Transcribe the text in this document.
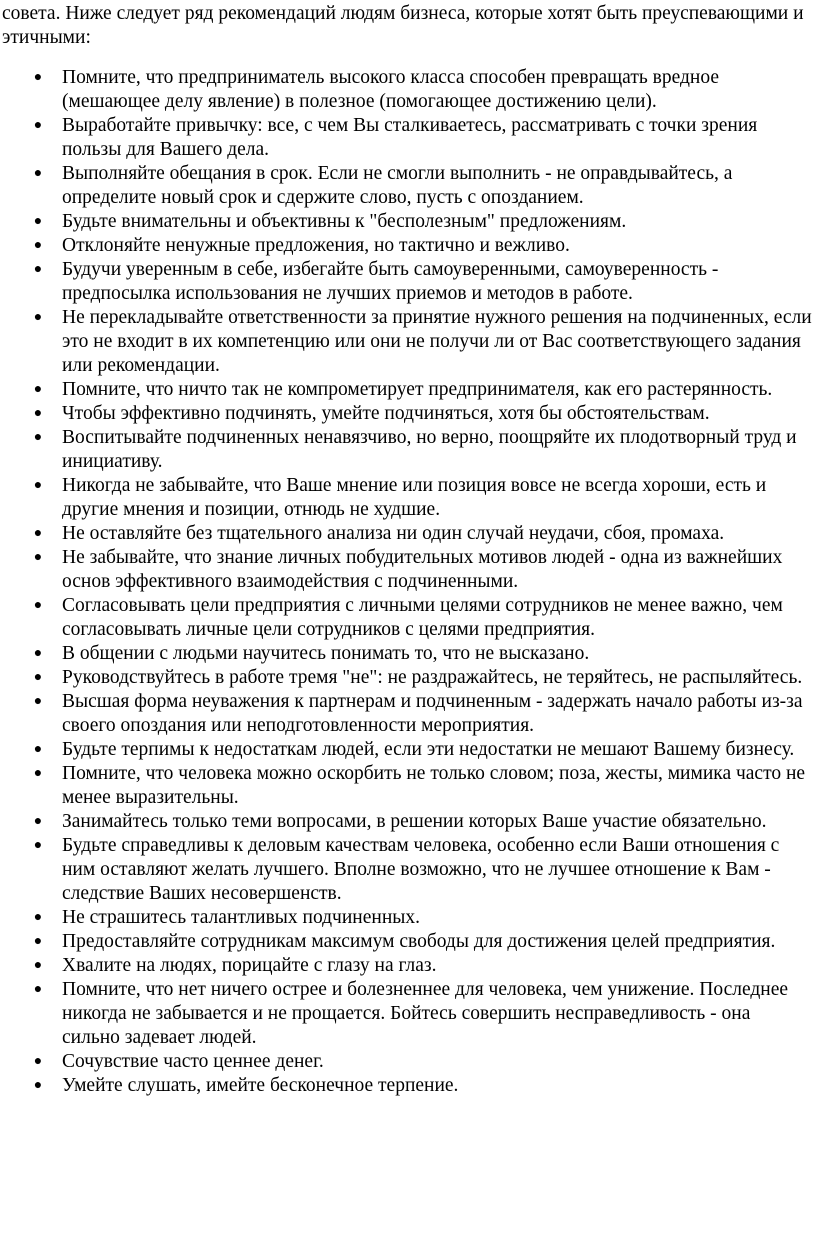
совета. Ниже следует ряд рекомендаций людям бизнеса, которые хотят быть преуспевающими и этичными:

● Помните, что предприниматель высокого класса способен превращать вредное (мешающее делу явление) в полезное (помогающее достижению цели).
● Выработайте привычку: все, с чем Вы сталкиваетесь, рассматривать с точки зрения пользы для Вашего дела.
● Выполняйте обещания в срок. Если не смогли выполнить - не оправдывайтесь, а определите новый срок и сдержите слово, пусть с опозданием.
● Будьте внимательны и объективны к "бесполезным" предложениям.
● Отклоняйте ненужные предложения, но тактично и вежливо.
● Будучи уверенным в себе, избегайте быть самоуверенными, самоуверенность - предпосылка использования не лучших приемов и методов в работе.
● Не перекладывайте ответственности за принятие нужного решения на подчиненных, если это не входит в их компетенцию или они не получи ли от Вас соответствующего задания или рекомендации.
● Помните, что ничто так не компрометирует предпринимателя, как его растерянность.
● Чтобы эффективно подчинять, умейте подчиняться, хотя бы обстоятельствам.
● Воспитывайте подчиненных ненавязчиво, но верно, поощряйте их плодотворный труд и инициативу.
● Никогда не забывайте, что Ваше мнение или позиция вовсе не всегда хороши, есть и другие мнения и позиции, отнюдь не худшие.
● Не оставляйте без тщательного анализа ни один случай неудачи, сбоя, промаха.
● Не забывайте, что знание личных побудительных мотивов людей - одна из важнейших основ эффективного взаимодействия с подчиненными.
● Согласовывать цели предприятия с личными целями сотрудников не менее важно, чем согласовывать личные цели сотрудников с целями предприятия.
● В общении с людьми научитесь понимать то, что не высказано.
● Руководствуйтесь в работе тремя "не": не раздражайтесь, не теряйтесь, не распыляйтесь.
● Высшая форма неуважения к партнерам и подчиненным - задержать начало работы из-за своего опоздания или неподготовленности мероприятия.
● Будьте терпимы к недостаткам людей, если эти недостатки не мешают Вашему бизнесу.
● Помните, что человека можно оскорбить не только словом; поза, жесты, мимика часто не менее выразительны.
● Занимайтесь только теми вопросами, в решении которых Ваше участие обязательно.
● Будьте справедливы к деловым качествам человека, особенно если Ваши отношения с ним оставляют желать лучшего. Вполне возможно, что не лучшее отношение к Вам - следствие Ваших несовершенств.
● Не страшитесь талантливых подчиненных.
● Предоставляйте сотрудникам максимум свободы для достижения целей предприятия.
● Хвалите на людях, порицайте с глазу на глаз.
● Помните, что нет ничего острее и болезненнее для человека, чем унижение. Последнее никогда не забывается и не прощается. Бойтесь совершить несправедливость - она сильно задевает людей.
● Сочувствие часто ценнее денег.
● Умейте слушать, имейте бесконечное терпение.
